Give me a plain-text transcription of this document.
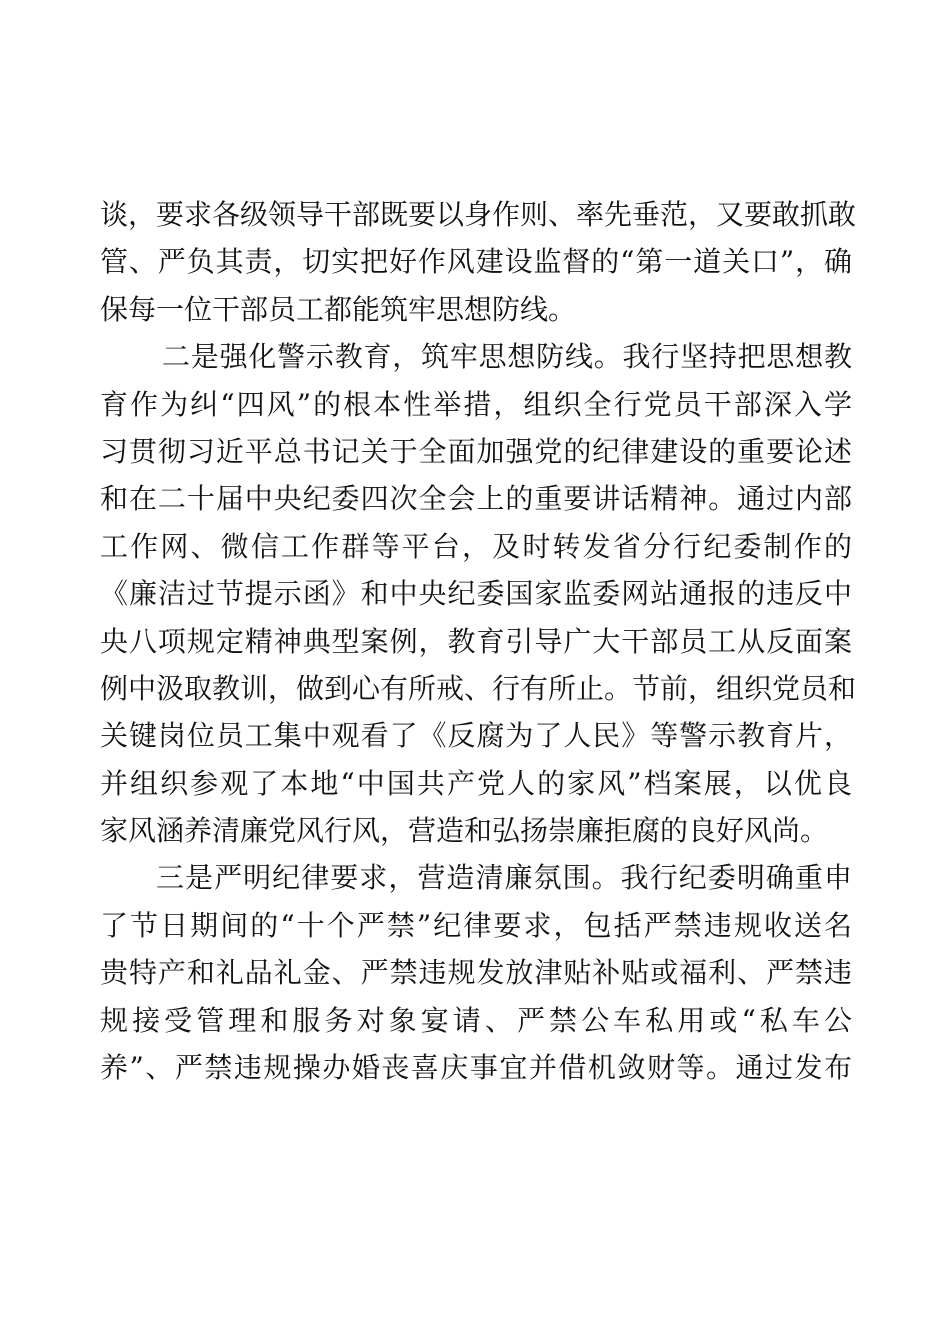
谈，要求各级领导干部既要以身作则、率先垂范，又要敢抓敢
管、严负其责，切实把好作风建设监督的“第一道关口”，确
保每一位干部员工都能筑牢思想防线。
二是强化警示教育，筑牢思想防线。我行坚持把思想教
育作为纠“四风”的根本性举措，组织全行党员干部深入学
习贯彻习近平总书记关于全面加强党的纪律建设的重要论述
和在二十届中央纪委四次全会上的重要讲话精神。通过内部
工作网、微信工作群等平台，及时转发省分行纪委制作的
《廉洁过节提示函》和中央纪委国家监委网站通报的违反中
央八项规定精神典型案例，教育引导广大干部员工从反面案
例中汲取教训，做到心有所戒、行有所止。节前，组织党员和
关键岗位员工集中观看了《反腐为了人民》等警示教育片，
并组织参观了本地“中国共产党人的家风”档案展，以优良
家风涵养清廉党风行风，营造和弘扬崇廉拒腐的良好风尚。
三是严明纪律要求，营造清廉氛围。我行纪委明确重申
了节日期间的“十个严禁”纪律要求，包括严禁违规收送名
贵特产和礼品礼金、严禁违规发放津贴补贴或福利、严禁违
规接受管理和服务对象宴请、严禁公车私用或“私车公
养”、严禁违规操办婚丧喜庆事宜并借机敛财等。通过发布
